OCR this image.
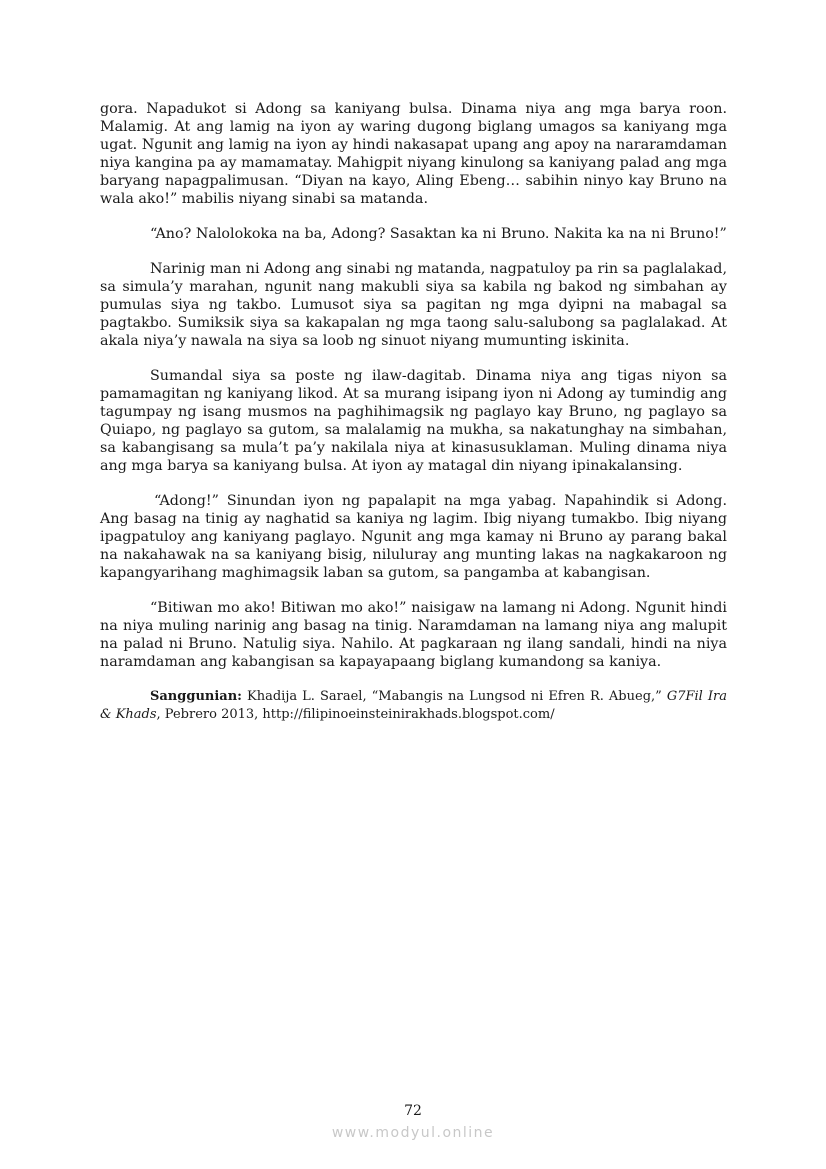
gora. Napadukot si Adong sa kaniyang bulsa. Dinama niya ang mga barya roon. Malamig. At ang lamig na iyon ay waring dugong biglang umagos sa kaniyang mga ugat. Ngunit ang lamig na iyon ay hindi nakasapat upang ang apoy na nararamdaman niya kangina pa ay mamamatay. Mahigpit niyang kinulong sa kaniyang palad ang mga baryang napagpalimusan. “Diyan na kayo, Aling Ebeng… sabihin ninyo kay Bruno na wala ako!” mabilis niyang sinabi sa matanda.

“Ano? Nalolokoka na ba, Adong? Sasaktan ka ni Bruno. Nakita ka na ni Bruno!”

Narinig man ni Adong ang sinabi ng matanda, nagpatuloy pa rin sa paglalakad, sa simula’y marahan, ngunit nang makubli siya sa kabila ng bakod ng simbahan ay pumulas siya ng takbo. Lumusot siya sa pagitan ng mga dyipni na mabagal sa pagtakbo. Sumiksik siya sa kakapalan ng mga taong salu-salubong sa paglalakad. At akala niya’y nawala na siya sa loob ng sinuot niyang mumunting iskinita.

Sumandal siya sa poste ng ilaw-dagitab. Dinama niya ang tigas niyon sa pamamagitan ng kaniyang likod. At sa murang isipang iyon ni Adong ay tumindig ang tagumpay ng isang musmos na paghihimagsik ng paglayo kay Bruno, ng paglayo sa Quiapo, ng paglayo sa gutom, sa malalamig na mukha, sa nakatunghay na simbahan, sa kabangisang sa mula’t pa’y nakilala niya at kinasusuklaman. Muling dinama niya ang mga barya sa kaniyang bulsa. At iyon ay matagal din niyang ipinakalansing.

“Adong!” Sinundan iyon ng papalapit na mga yabag. Napahindik si Adong. Ang basag na tinig ay naghatid sa kaniya ng lagim. Ibig niyang tumakbo. Ibig niyang ipagpatuloy ang kaniyang paglayo. Ngunit ang mga kamay ni Bruno ay parang bakal na nakahawak na sa kaniyang bisig, niluluray ang munting lakas na nagkakaroon ng kapangyarihang maghimagsik laban sa gutom, sa pangamba at kabangisan.

“Bitiwan mo ako! Bitiwan mo ako!” naisigaw na lamang ni Adong. Ngunit hindi na niya muling narinig ang basag na tinig. Naramdaman na lamang niya ang malupit na palad ni Bruno. Natulig siya. Nahilo. At pagkaraan ng ilang sandali, hindi na niya naramdaman ang kabangisan sa kapayapaang biglang kumandong sa kaniya.

Sanggunian: Khadija L. Sarael, “Mabangis na Lungsod ni Efren R. Abueg,” G7Fil Ira & Khads, Pebrero 2013, http://filipinoeinsteinirakhads.blogspot.com/
72
www.modyul.online
